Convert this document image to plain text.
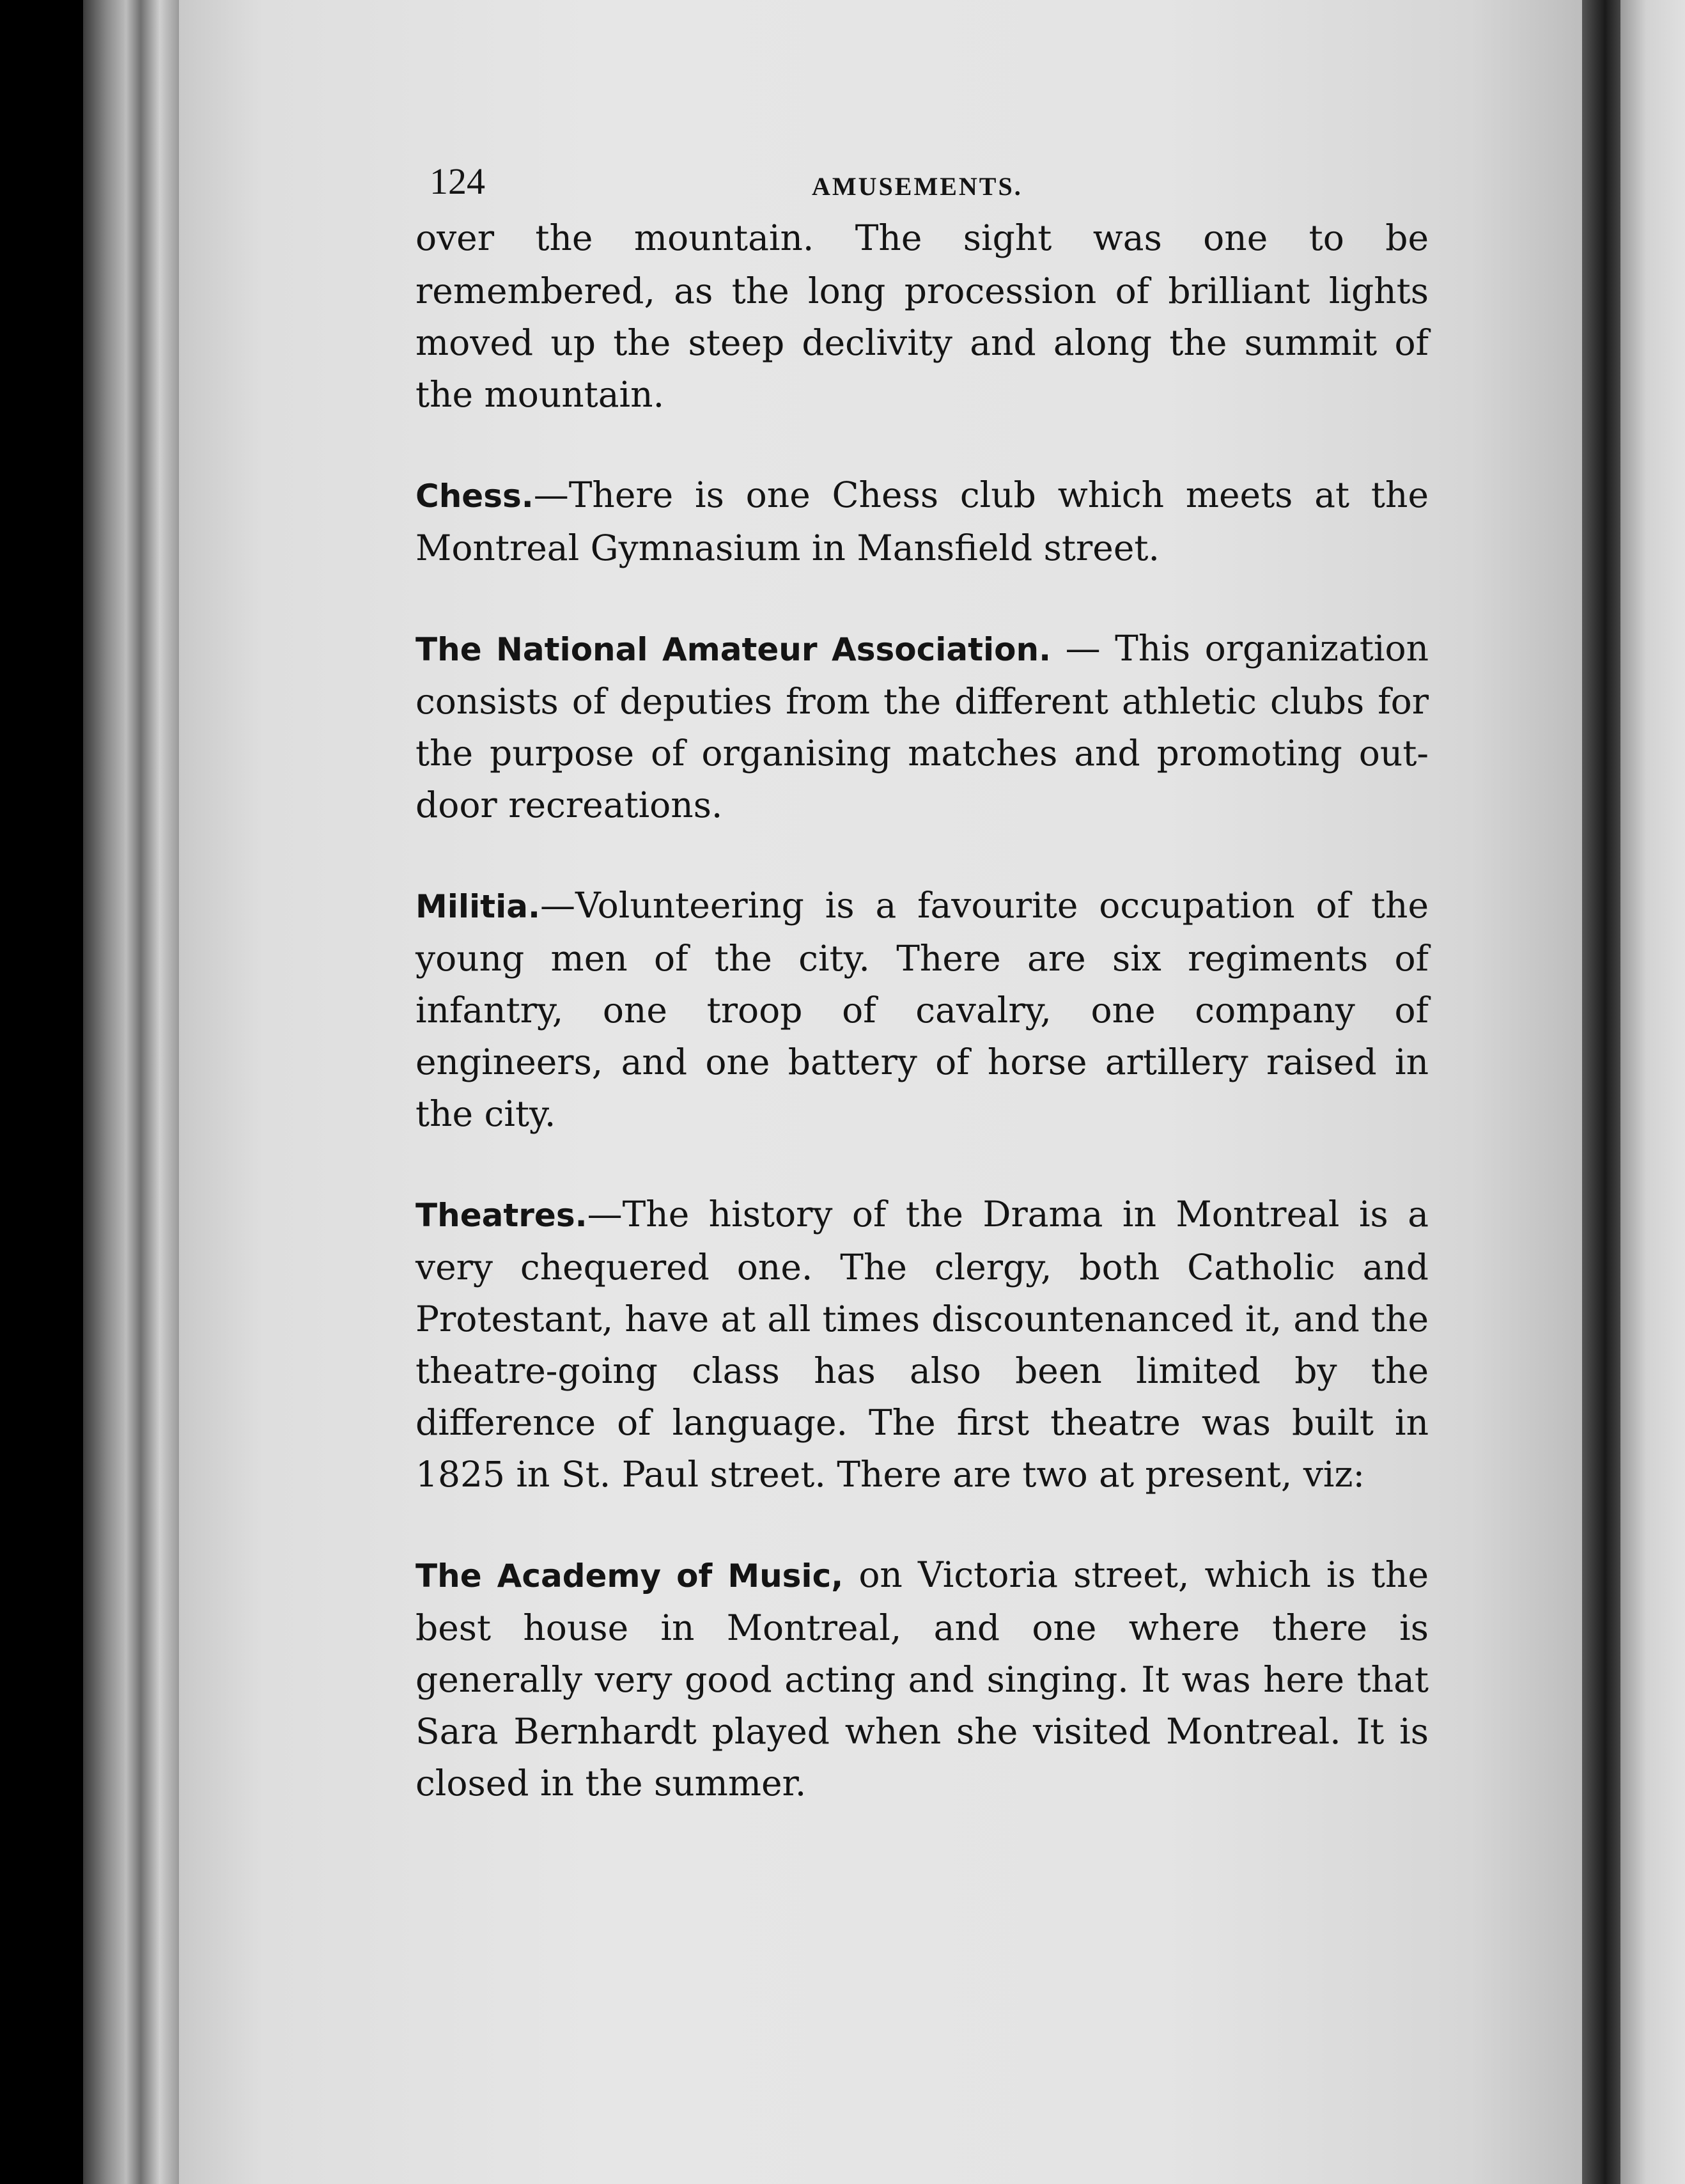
124	AMUSEMENTS.

over the mountain. The sight was one to be remembered, as the long procession of brilliant lights moved up the steep declivity and along the summit of the mountain.

Chess.—There is one Chess club which meets at the Montreal Gymnasium in Mansfield street.

The National Amateur Association. — This organization consists of deputies from the different athletic clubs for the purpose of organising matches and promoting out-door recreations.

Militia.—Volunteering is a favourite occupation of the young men of the city. There are six regiments of infantry, one troop of cavalry, one company of engineers, and one battery of horse artillery raised in the city.

Theatres.—The history of the Drama in Montreal is a very chequered one. The clergy, both Catholic and Protestant, have at all times discountenanced it, and the theatre-going class has also been limited by the difference of language. The first theatre was built in 1825 in St. Paul street. There are two at present, viz:

The Academy of Music, on Victoria street, which is the best house in Montreal, and one where there is generally very good acting and singing. It was here that Sara Bernhardt played when she visited Montreal. It is closed in the summer.
